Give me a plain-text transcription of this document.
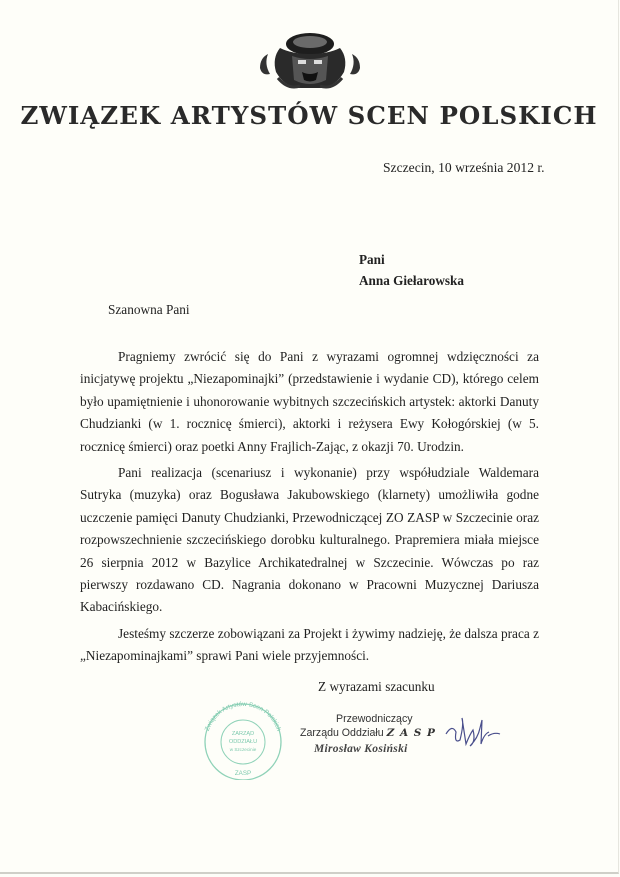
ZWIĄZEK ARTYSTÓW SCEN POLSKICH
Szczecin, 10 września 2012 r.
Pani
Anna Giełarowska
Szanowna Pani

Pragniemy zwrócić się do Pani z wyrazami ogromnej wdzięczności za inicjatywę projektu „Niezapominajki” (przedstawienie i wydanie CD), którego celem było upamiętnienie i uhonorowanie wybitnych szczecińskich artystek: aktorki Danuty Chudzianki (w 1. rocznicę śmierci), aktorki i reżysera Ewy Kołogórskiej (w 5. rocznicę śmierci) oraz poetki Anny Frajlich-Zając, z okazji 70. Urodzin.

Pani realizacja (scenariusz i wykonanie) przy współudziale Waldemara Sutryka (muzyka) oraz Bogusława Jakubowskiego (klarnety) umożliwiła godne uczczenie pamięci Danuty Chudzianki, Przewodniczącej ZO ZASP w Szczecinie oraz rozpowszechnienie szczecińskiego dorobku kulturalnego. Prapremiera miała miejsce 26 sierpnia 2012 w Bazylice Archikatedralnej w Szczecinie. Wówczas po raz pierwszy rozdawano CD. Nagrania dokonano w Pracowni Muzycznej Dariusza Kabacińskiego.

Jesteśmy szczerze zobowiązani za Projekt i żywimy nadzieję, że dalsza praca z „Niezapominajkami” sprawi Pani wiele przyjemności.

Z wyrazami szacunku
Związek Artystów Scen Polskich
ZARZĄD
ODDZIAŁU
w Szczecinie
ZASP
Przewodniczący
Zarządu Oddziału Z A S P
Mirosław Kosiński
